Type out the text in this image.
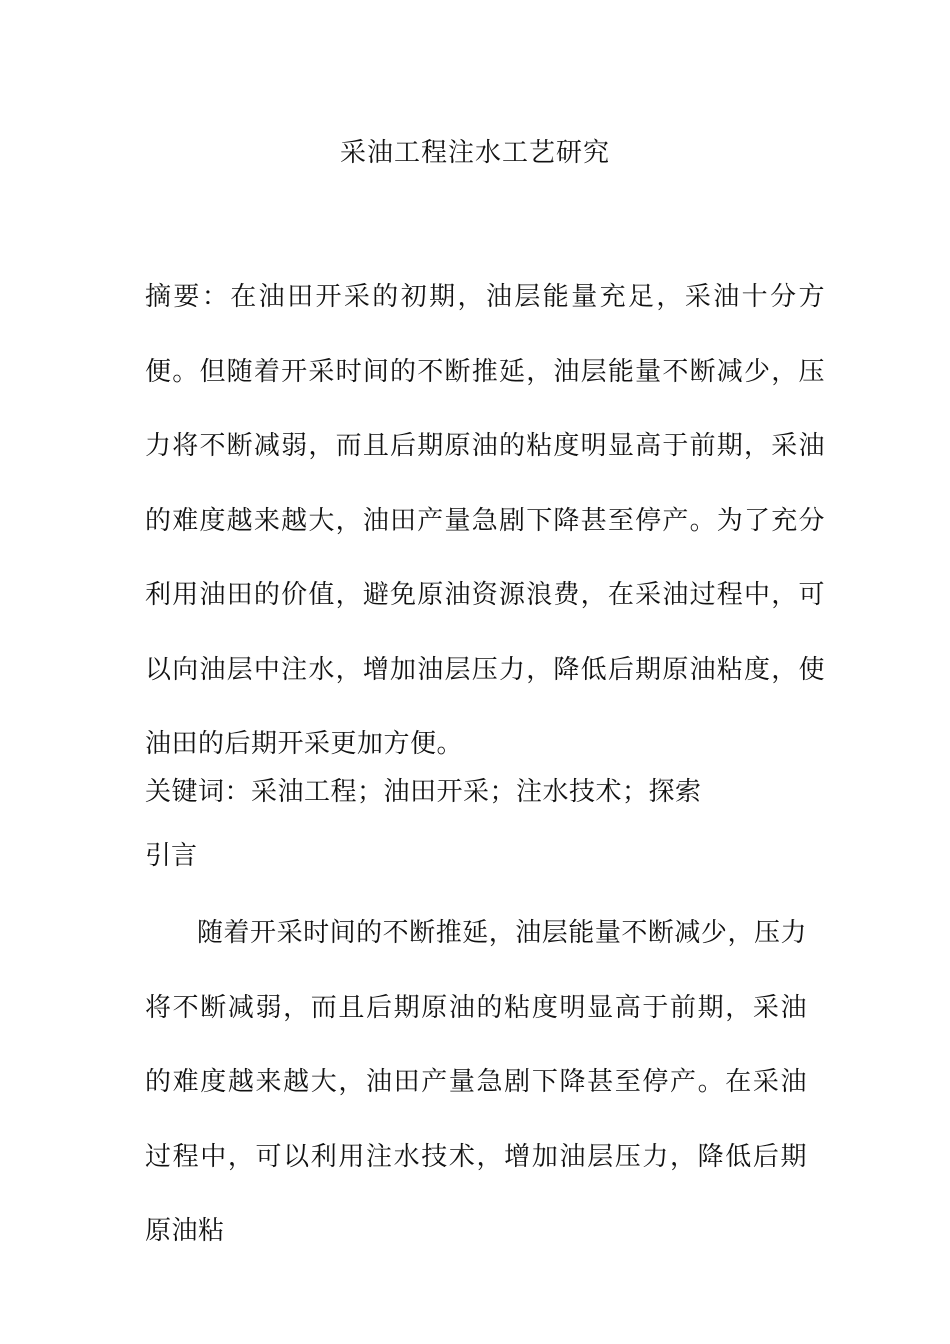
采油工程注水工艺研究
摘要：在油田开采的初期，油层能量充足，采油十分方便。但随着开采时间的不断推延，油层能量不断减少，压力将不断减弱，而且后期原油的粘度明显高于前期，采油的难度越来越大，油田产量急剧下降甚至停产。为了充分利用油田的价值，避免原油资源浪费，在采油过程中，可以向油层中注水，增加油层压力，降低后期原油粘度，使油田的后期开采更加方便。
关键词：采油工程；油田开采；注水技术；探索
引言
随着开采时间的不断推延，油层能量不断减少，压力将不断减弱，而且后期原油的粘度明显高于前期，采油的难度越来越大，油田产量急剧下降甚至停产。在采油过程中，可以利用注水技术，增加油层压力，降低后期原油粘
